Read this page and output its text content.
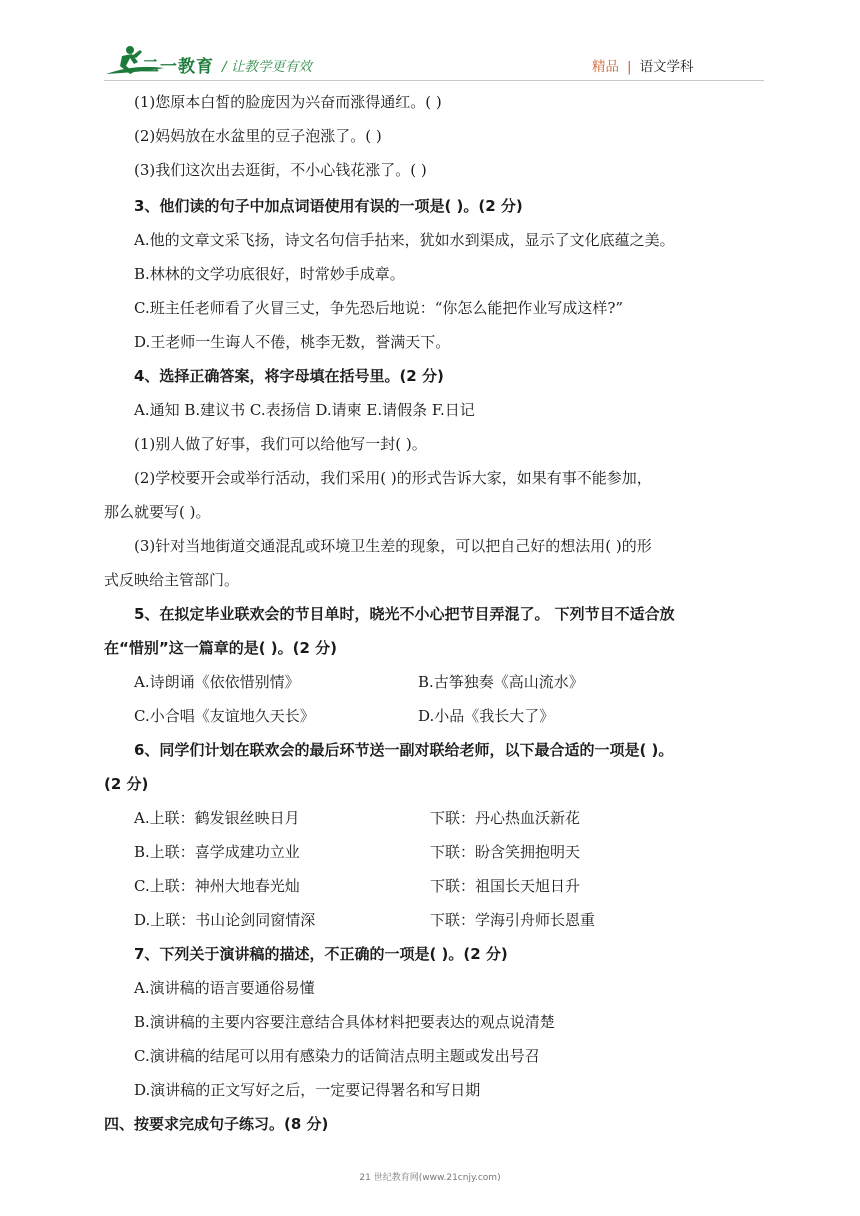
二一教育 / 让教学更有效	精品 | 语文学科
(1)您原本白皙的脸庞因为兴奋而涨得通红。( )
(2)妈妈放在水盆里的豆子泡涨了。( )
(3)我们这次出去逛街，不小心钱花涨了。( )
3、他们读的句子中加点词语使用有误的一项是( )。(2 分)
A.他的文章文采飞扬，诗文名句信手拈来，犹如水到渠成，显示了文化底蕴之美。
B.林林的文学功底很好，时常妙手成章。
C.班主任老师看了火冒三丈，争先恐后地说：“你怎么能把作业写成这样?”
D.王老师一生诲人不倦，桃李无数，誉满天下。
4、选择正确答案，将字母填在括号里。(2 分)
A.通知 B.建议书 C.表扬信 D.请柬 E.请假条 F.日记
(1)别人做了好事，我们可以给他写一封( )。
(2)学校要开会或举行活动，我们采用( )的形式告诉大家，如果有事不能参加，
那么就要写( )。
(3)针对当地街道交通混乱或环境卫生差的现象，可以把自己好的想法用( )的形
式反映给主管部门。
5、在拟定毕业联欢会的节目单时，晓光不小心把节目弄混了。 下列节目不适合放
在“惜别”这一篇章的是( )。(2 分)
A.诗朗诵《依依惜别情》	B.古筝独奏《高山流水》
C.小合唱《友谊地久天长》	D.小品《我长大了》
6、同学们计划在联欢会的最后环节送一副对联给老师，以下最合适的一项是( )。
(2 分)
A.上联：鹤发银丝映日月	下联：丹心热血沃新花
B.上联：喜学成建功立业	下联：盼含笑拥抱明天
C.上联：神州大地春光灿	下联：祖国长天旭日升
D.上联：书山论剑同窗情深	下联：学海引舟师长恩重
7、下列关于演讲稿的描述，不正确的一项是( )。(2 分)
A.演讲稿的语言要通俗易懂
B.演讲稿的主要内容要注意结合具体材料把要表达的观点说清楚
C.演讲稿的结尾可以用有感染力的话简洁点明主题或发出号召
D.演讲稿的正文写好之后，一定要记得署名和写日期
四、按要求完成句子练习。(8 分)
21 世纪教育网(www.21cnjy.com)
